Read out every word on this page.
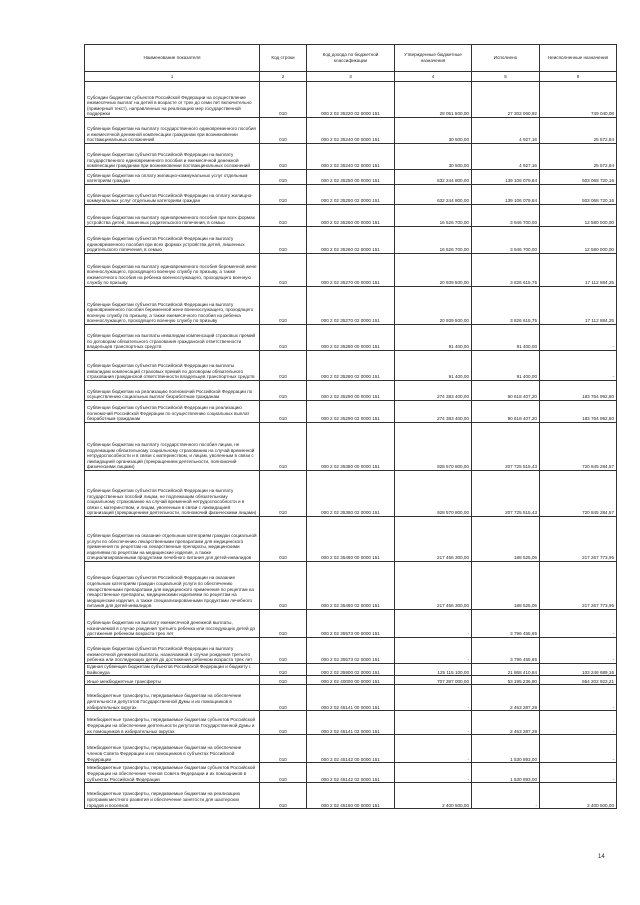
Наименование показателя	Код строки	Код дохода по бюджетной классификации	Утвержденные бюджетные назначения	Исполнено	Неисполненные назначения
1	2	3	4	5	6
Субсидии бюджетам субъектов Российской Федерации на осуществление ежемесячных выплат на детей в возрасте от трех до семи лет включительно (примерный текст), направленных на реализацию мер государственной поддержки	010	000 2 02 35220 02 0000 151	28 051 500,00	27 302 060,92	749 040,08
Субвенции бюджетам на выплату государственного единовременного пособия и ежемесячной денежной компенсации гражданам при возникновении поствакцинальных осложнений	010	000 2 02 35240 00 0000 151	30 500,00	4 927,16	25 572,84
Субвенции бюджетам субъектов Российской Федерации на выплату государственного единовременного пособия и ежемесячной денежной компенсации гражданам при возникновении поствакцинальных осложнений	010	000 2 02 35240 02 0000 151	30 500,00	4 927,16	25 572,84
Субвенции бюджетам на оплату жилищно-коммунальных услуг отдельным категориям граждан	010	000 2 02 35250 00 0000 151	632 244 800,00	139 106 079,84	503 068 720,16
Субвенции бюджетам субъектов Российской Федерации на оплату жилищно-коммунальных услуг отдельным категориям граждан	010	000 2 02 35250 02 0000 151	632 244 800,00	139 106 079,84	503 068 720,16
Субвенции бюджетам на выплату единовременного пособия при всех формах устройства детей, лишенных родительского попечения, в семью	010	000 2 02 35260 00 0000 151	16 526 700,00	3 946 700,00	12 580 000,00
Субвенции бюджетам субъектов Российской Федерации на выплату единовременного пособия при всех формах устройства детей, лишенных родительского попечения, в семью	010	000 2 02 35260 02 0000 151	16 526 700,00	3 946 700,00	12 580 000,00
Субвенции бюджетам на выплату единовременного пособия беременной жене военнослужащего, проходящего военную службу по призыву, а также ежемесячного пособия на ребенка военнослужащего, проходящего военную службу по призыву	010	000 2 02 35270 00 0000 151	20 939 500,00	3 826 615,75	17 112 884,25
Субвенции бюджетам субъектов Российской Федерации на выплату единовременного пособия беременной жене военнослужащего, проходящего военную службу по призыву, а также ежемесячного пособия на ребенка военнослужащего, проходящего военную службу по призыву	010	000 2 02 35270 02 0000 151	20 939 500,00	3 826 615,75	17 112 884,25
Субвенции бюджетам на выплаты инвалидам компенсаций страховых премий по договорам обязательного страхования гражданской ответственности владельцев транспортных средств	010	000 2 02 35280 00 0000 151	91 400,00	91 400,00	-
Субвенции бюджетам субъектов Российской Федерации на выплаты инвалидам компенсаций страховых премий по договорам обязательного страхования гражданской ответственности владельцев транспортных средств	010	000 2 02 35280 02 0000 151	91 400,00	91 400,00	-
Субвенции бюджетам на реализацию полномочий Российской Федерации по осуществлению социальных выплат безработным гражданам	010	000 2 02 35290 00 0000 151	274 383 400,00	90 618 407,20	183 764 992,80
Субвенции бюджетам субъектов Российской Федерации на реализацию полномочий Российской Федерации по осуществлению социальных выплат безработным гражданам	010	000 2 02 35290 02 0000 151	274 383 400,00	90 618 407,20	183 764 992,80
Субвенции бюджетам на выплату государственного пособия лицам, не подлежащим обязательному социальному страхованию на случай временной нетрудоспособности и в связи с материнством, и лицам, уволенным в связи с ликвидацией организаций (прекращением деятельности, полномочий физическими лицами)	010	000 2 02 35380 00 0000 151	928 570 800,00	207 725 515,43	720 845 284,57
Субвенции бюджетам субъектов Российской Федерации на выплату государственных пособий лицам, не подлежащим обязательному социальному страхованию на случай временной нетрудоспособности и в связи с материнством, и лицам, уволенным в связи с ликвидацией организаций (прекращением деятельности, полномочий физическими лицами)	010	000 2 02 35380 02 0000 151	928 570 800,00	207 725 515,43	720 845 284,57
Субвенции бюджетам на оказание отдельным категориям граждан социальной услуги по обеспечению лекарственными препаратами для медицинского применения по рецептам на лекарственные препараты, медицинскими изделиями по рецептам на медицинские изделия, а также специализированными продуктами лечебного питания для детей-инвалидов	010	000 2 02 35460 00 0000 151	217 456 300,00	188 525,05	217 267 773,95
Субвенции бюджетам субъектов Российской Федерации на оказание отдельным категориям граждан социальной услуги по обеспечению лекарственными препаратами для медицинского применения по рецептам на лекарственные препараты, медицинскими изделиями по рецептам на медицинские изделия, а также специализированными продуктами лечебного питания для детей-инвалидов	010	000 2 02 35460 02 0000 151	217 456 300,00	188 525,05	217 267 773,95
Субвенции бюджетам на выплату ежемесячной денежной выплаты, назначаемой в случае рождения третьего ребенка или последующих детей до достижения ребенком возраста трех лет	010	000 2 02 35573 00 0000 151	-	3 796 455,65	-
Субвенции бюджетам субъектов Российской Федерации на выплату ежемесячной денежной выплаты, назначаемой в случае рождения третьего ребенка или последующих детей до достижения ребенком возраста трех лет	010	000 2 02 35573 02 0000 151	-	3 796 455,65	-
Единая субвенция бюджетам субъектов Российской Федерации и бюджету г. Байконура	010	000 2 02 35900 02 0000 151	125 115 100,00	21 868 410,84	103 246 689,16
Иные межбюджетные трансферты	010	000 2 02 40000 00 0000 151	707 387 000,00	53 195 236,80	654 202 923,21
Межбюджетные трансферты, передаваемые бюджетам на обеспечение деятельности депутатов Государственной Думы и их помощников в избирательных округах	010	000 2 02 45141 00 0000 151	-	2 463 287,29	-
Межбюджетные трансферты, передаваемые бюджетам субъектов Российской Федерации на обеспечение деятельности депутатов Государственной Думы и их помощников в избирательных округах	010	000 2 02 45141 02 0000 151	-	2 463 287,29	-
Межбюджетные трансферты, передаваемые бюджетам на обеспечение членов Совета Федерации и их помощников в субъектах Российской Федерации	010	000 2 02 45142 00 0000 151	-	1 530 893,00	-
Межбюджетные трансферты, передаваемые бюджетам субъектов Российской Федерации на обеспечение членов Совета Федерации и их помощников в субъектах Российской Федерации	010	000 2 02 45142 02 0000 151	-	1 530 893,00	-
Межбюджетные трансферты, передаваемые бюджетам на реализацию программ местного развития и обеспечение занятости для шахтерских городов и поселков	010	000 2 02 45160 00 0000 151	2 400 500,00	-	2 400 500,00
14
